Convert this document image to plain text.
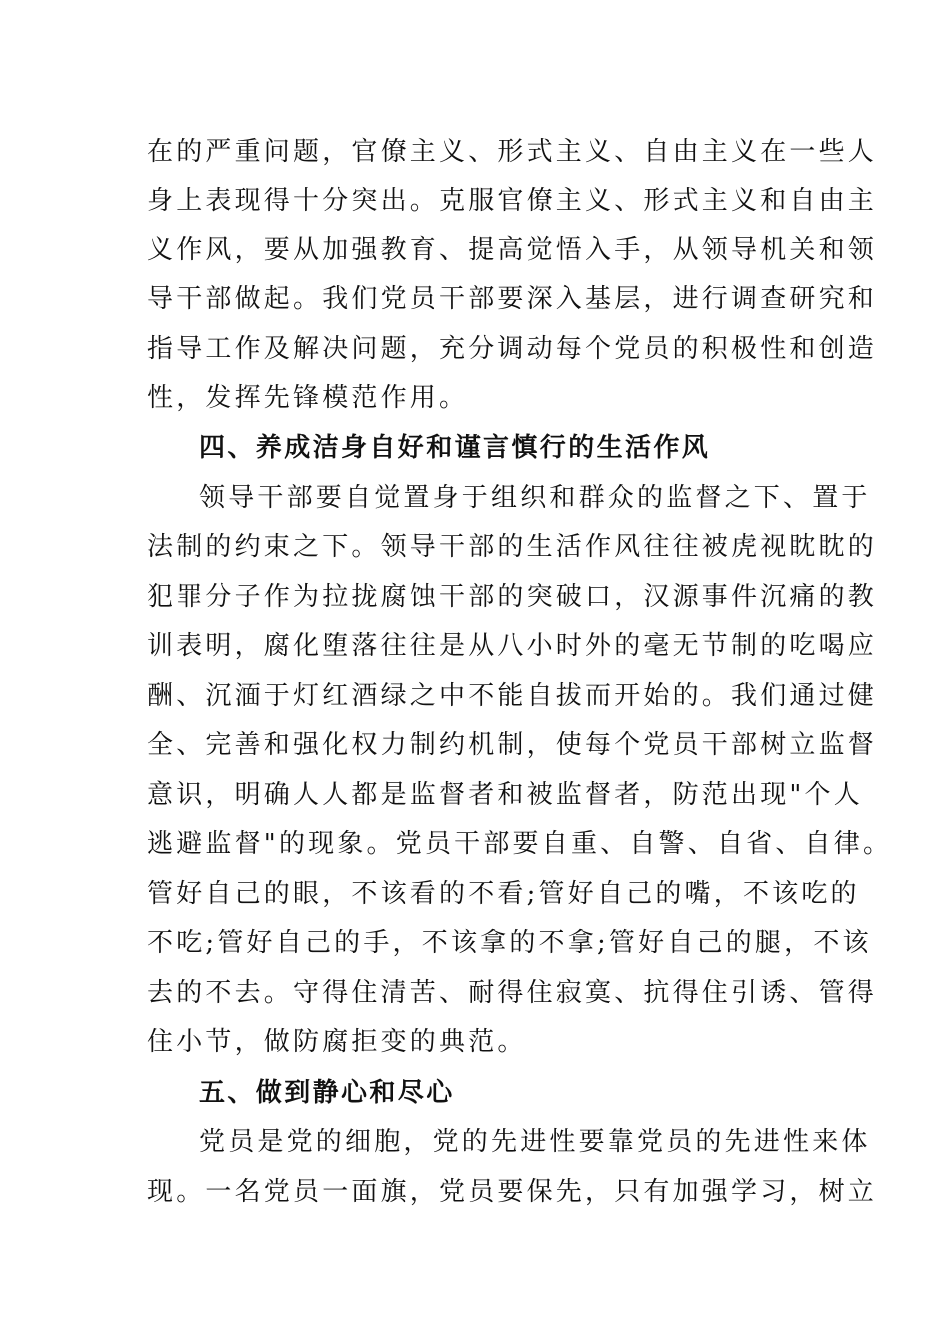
在的严重问题，官僚主义、形式主义、自由主义在一些人
身上表现得十分突出。克服官僚主义、形式主义和自由主
义作风，要从加强教育、提高觉悟入手，从领导机关和领
导干部做起。我们党员干部要深入基层，进行调查研究和
指导工作及解决问题，充分调动每个党员的积极性和创造
性，发挥先锋模范作用。
四、养成洁身自好和谨言慎行的生活作风
领导干部要自觉置身于组织和群众的监督之下、置于
法制的约束之下。领导干部的生活作风往往被虎视眈眈的
犯罪分子作为拉拢腐蚀干部的突破口，汉源事件沉痛的教
训表明，腐化堕落往往是从八小时外的毫无节制的吃喝应
酬、沉湎于灯红酒绿之中不能自拔而开始的。我们通过健
全、完善和强化权力制约机制，使每个党员干部树立监督
意识，明确人人都是监督者和被监督者，防范出现"个人
逃避监督"的现象。党员干部要自重、自警、自省、自律。
管好自己的眼，不该看的不看;管好自己的嘴，不该吃的
不吃;管好自己的手，不该拿的不拿;管好自己的腿，不该
去的不去。守得住清苦、耐得住寂寞、抗得住引诱、管得
住小节，做防腐拒变的典范。
五、做到静心和尽心
党员是党的细胞，党的先进性要靠党员的先进性来体
现。一名党员一面旗，党员要保先，只有加强学习，树立
